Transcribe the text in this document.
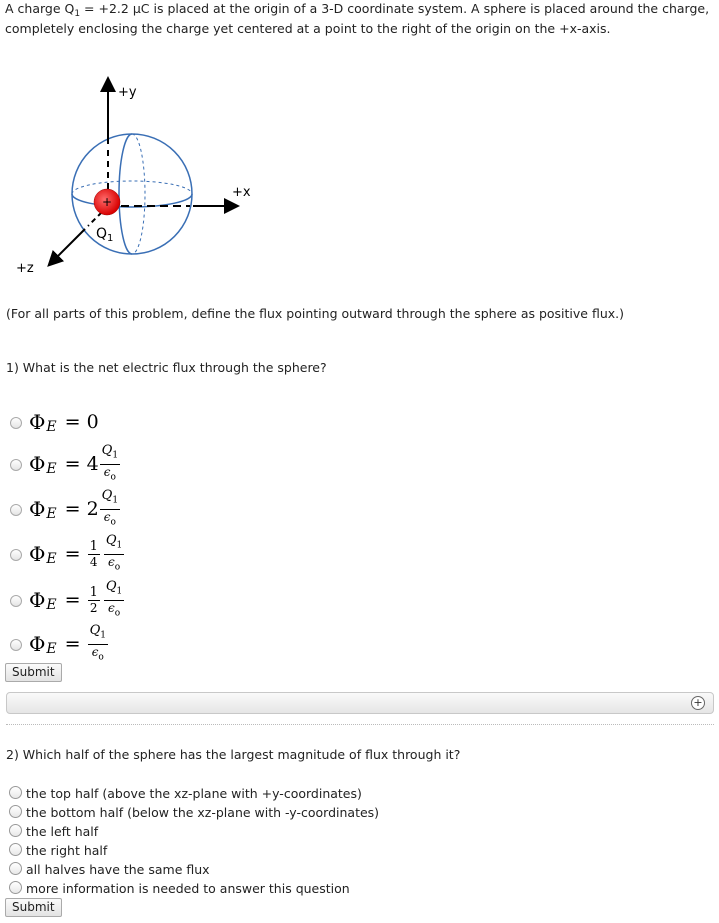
A charge $Q_1 = +2.2$ μC is placed at the origin of a 3-D coordinate system. A sphere is placed around the charge, completely enclosing the charge yet centered at a point to the right of the origin on the +x-axis.
+
+y
+x
+z
$Q_1$
(For all parts of this problem, define the flux pointing outward through the sphere as positive flux.)
1) What is the net electric flux through the sphere?
Φ E = 0
Φ $E = 4 \frac{Q_1}{\epsilon_o}$
Φ $E = 2 \frac{Q_1}{\epsilon_o}$
Φ $E = \frac{1}{4} \frac{Q_1}{\epsilon_o}$
Φ $E = \frac{1}{2} \frac{Q_1}{\epsilon_o}$
Φ $E = \frac{Q_1}{\epsilon_o}$
Submit
+
2) Which half of the sphere has the largest magnitude of flux through it?
the top half (above the xz-plane with +y-coordinates)
the bottom half (below the xz-plane with -y-coordinates)
the left half
the right half
all halves have the same flux
more information is needed to answer this question
Submit
